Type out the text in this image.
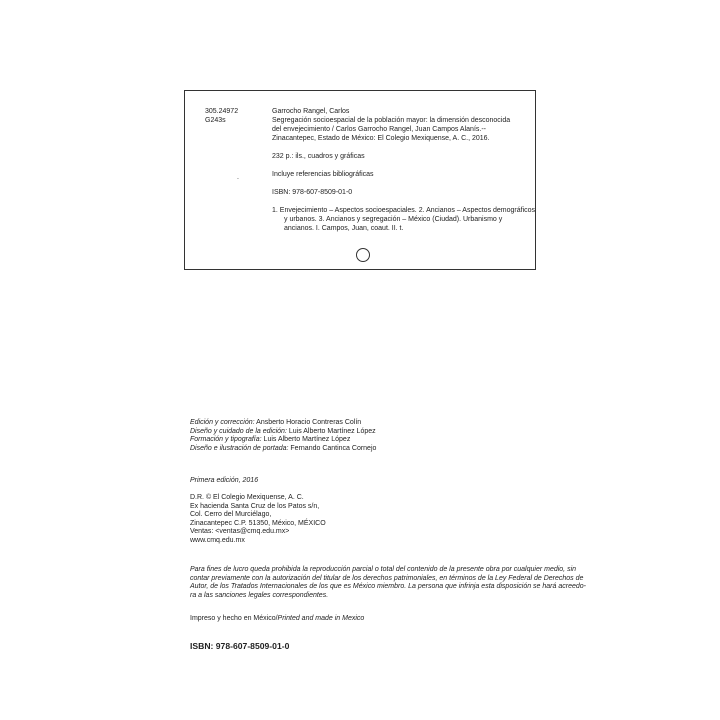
305.24972
G243s
.
Garrocho Rangel, Carlos
Segregación socioespacial de la población mayor: la dimensión desconocida
del envejecimiento / Carlos Garrocho Rangel, Juan Campos Alanís.--
Zinacantepec, Estado de México: El Colegio Mexiquense, A. C., 2016.
232 p.: ils., cuadros y gráficas
Incluye referencias bibliográficas
ISBN: 978-607-8509-01-0
1. Envejecimiento – Aspectos socioespaciales. 2. Ancianos – Aspectos demográficos
y urbanos. 3. Ancianos y segregación – México (Ciudad). Urbanismo y
ancianos. I. Campos, Juan, coaut. II. t.
Edición y corrección: Ansberto Horacio Contreras Colín
Diseño y cuidado de la edición: Luis Alberto Martínez López
Formación y tipografía: Luis Alberto Martínez López
Diseño e ilustración de portada: Fernando Cantinca Cornejo
Primera edición, 2016
D.R. © El Colegio Mexiquense, A. C.
Ex hacienda Santa Cruz de los Patos s/n,
Col. Cerro del Murciélago,
Zinacantepec C.P. 51350, México, MÉXICO
Ventas: <ventas@cmq.edu.mx>
www.cmq.edu.mx
Para fines de lucro queda prohibida la reproducción parcial o total del contenido de la presente obra por cualquier medio, sin
contar previamente con la autorización del titular de los derechos patrimoniales, en términos de la Ley Federal de Derechos de
Autor, de los Tratados Internacionales de los que es México miembro. La persona que infrinja esta disposición se hará acreedo-
ra a las sanciones legales correspondientes.
Impreso y hecho en México/Printed and made in Mexico
ISBN: 978-607-8509-01-0
